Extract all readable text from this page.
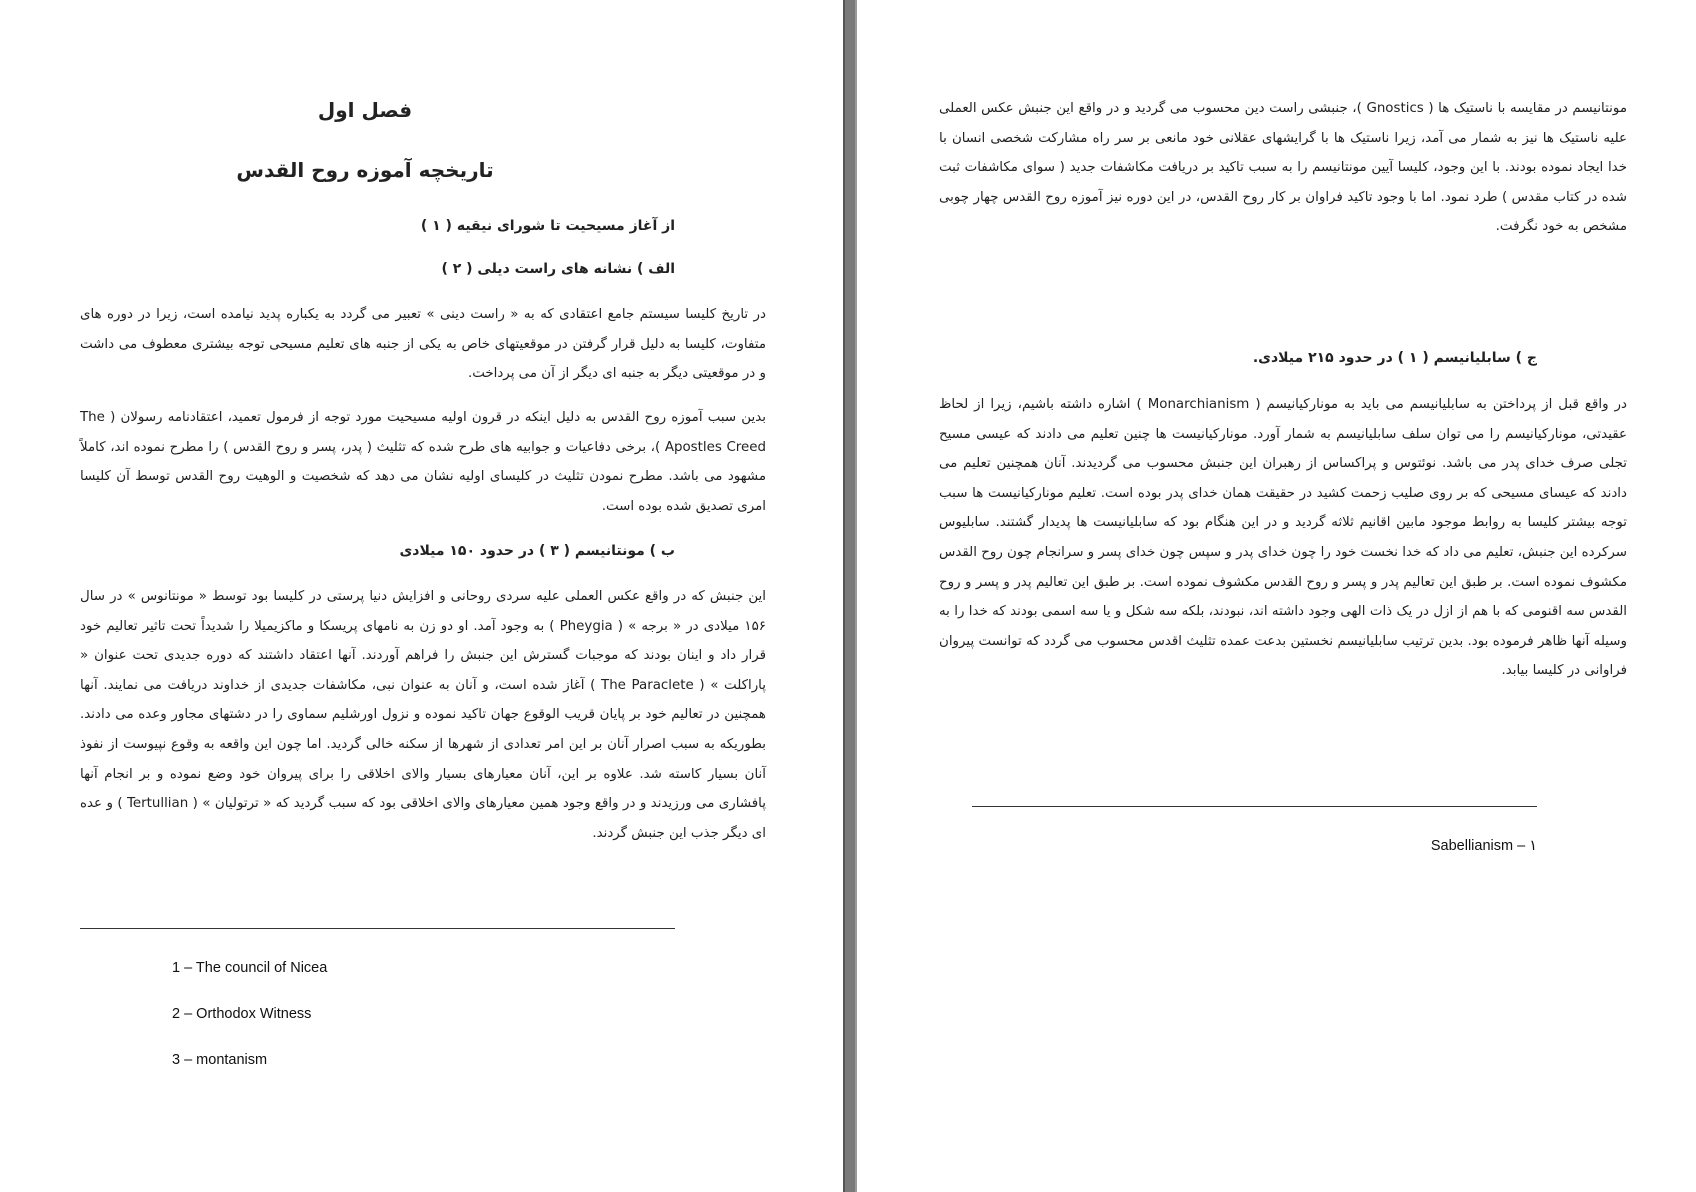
فصل اول
تاریخچه آموزه روح القدس
از آغاز مسیحیت تا شورای نیقیه ( ۱ )
الف ) نشانه های راست دیلی ( ۲ )
در تاریخ کلیسا سیستم جامع اعتقادی که به « راست دینی » تعبیر می گردد به یکباره پدید نیامده است، زیرا در دوره های متفاوت، کلیسا به دلیل قرار گرفتن در موقعیتهای خاص به یکی از جنبه های تعلیم مسیحی توجه بیشتری معطوف می داشت و در موقعیتی دیگر به جنبه ای دیگر از آن می پرداخت.
بدین سبب آموزه روح القدس به دلیل اینکه در قرون اولیه مسیحیت مورد توجه از فرمول تعمید، اعتقادنامه رسولان ( The Apostles Creed )، برخی دفاعیات و جوابیه های طرح شده که تثلیث ( پدر، پسر و روح القدس ) را مطرح نموده اند، کاملاً مشهود می باشد. مطرح نمودن تثلیث در کلیسای اولیه نشان می دهد که شخصیت و الوهیت روح القدس توسط آن کلیسا امری تصدیق شده بوده است.
ب ) مونتانیسم ( ۳ ) در حدود ۱۵۰ میلادی
این جنبش که در واقع عکس العملی علیه سردی روحانی و افزایش دنیا پرستی در کلیسا بود توسط « مونتانوس » در سال ۱۵۶ میلادی در « برجه » ( Pheygia ) به وجود آمد. او دو زن به نامهای پریسکا و ماکزیمیلا را شدیداً تحت تاثیر تعالیم خود قرار داد و اینان بودند که موجبات گسترش این جنبش را فراهم آوردند. آنها اعتقاد داشتند که دوره جدیدی تحت عنوان « پاراکلت » ( The Paraclete ) آغاز شده است، و آنان به عنوان نبی، مکاشفات جدیدی از خداوند دریافت می نمایند. آنها همچنین در تعالیم خود بر پایان قریب الوقوع جهان تاکید نموده و نزول اورشلیم سماوی را در دشتهای مجاور وعده می دادند. بطوریکه به سبب اصرار آنان بر این امر تعدادی از شهرها از سکنه خالی گردید. اما چون این واقعه به وقوع نپیوست از نفوذ آنان بسیار کاسته شد. علاوه بر این، آنان معیارهای بسیار والای اخلاقی را برای پیروان خود وضع نموده و بر انجام آنها پافشاری می ورزیدند و در واقع وجود همین معیارهای والای اخلاقی بود که سبب گردید که « ترتولیان » ( Tertullian ) و عده ای دیگر جذب این جنبش گردند.
1 – The council of Nicea
2 – Orthodox Witness
3 – montanism
مونتانیسم در مقایسه با ناستیک ها ( Gnostics )، جنبشی راست دین محسوب می گردید و در واقع این جنبش عکس العملی علیه ناستیک ها نیز به شمار می آمد، زیرا ناستیک ها با گرایشهای عقلانی خود مانعی بر سر راه مشارکت شخصی انسان با خدا ایجاد نموده بودند. با این وجود، کلیسا آیین مونتانیسم را به سبب تاکید بر دریافت مکاشفات جدید ( سوای مکاشفات ثبت شده در کتاب مقدس ) طرد نمود. اما با وجود تاکید فراوان بر کار روح القدس، در این دوره نیز آموزه روح القدس چهار چوبی مشخص به خود نگرفت.
ج ) سابلیانیسم ( ۱ ) در حدود ۲۱۵ میلادی.
در واقع قبل از پرداختن به سابلیانیسم می باید به مونارکیانیسم ( Monarchianism ) اشاره داشته باشیم، زیرا از لحاظ عقیدتی، مونارکیانیسم را می توان سلف سابلیانیسم به شمار آورد. مونارکیانیست ها چنین تعلیم می دادند که عیسی مسیح تجلی صرف خدای پدر می باشد. نوئتوس و پراکساس از رهبران این جنبش محسوب می گردیدند. آنان همچنین تعلیم می دادند که عیسای مسیحی که بر روی صلیب زحمت کشید در حقیقت همان خدای پدر بوده است. تعلیم مونارکیانیست ها سبب توجه بیشتر کلیسا به روابط موجود مابین اقانیم ثلاثه گردید و در این هنگام بود که سابلیانیست ها پدیدار گشتند. سابلیوس سرکرده این جنبش، تعلیم می داد که خدا نخست خود را چون خدای پدر و سپس چون خدای پسر و سرانجام چون روح القدس مکشوف نموده است. بر طبق این تعالیم پدر و پسر و روح القدس مکشوف نموده است. بر طبق این تعالیم پدر و پسر و روح القدس سه اقنومی که با هم از ازل در یک ذات الهی وجود داشته اند، نبودند، بلکه سه شکل و یا سه اسمی بودند که خدا را به وسیله آنها ظاهر فرموده بود. بدین ترتیب سابلیانیسم نخستین بدعت عمده تثلیث اقدس محسوب می گردد که توانست پیروان فراوانی در کلیسا بیابد.
Sabellianism – ۱
